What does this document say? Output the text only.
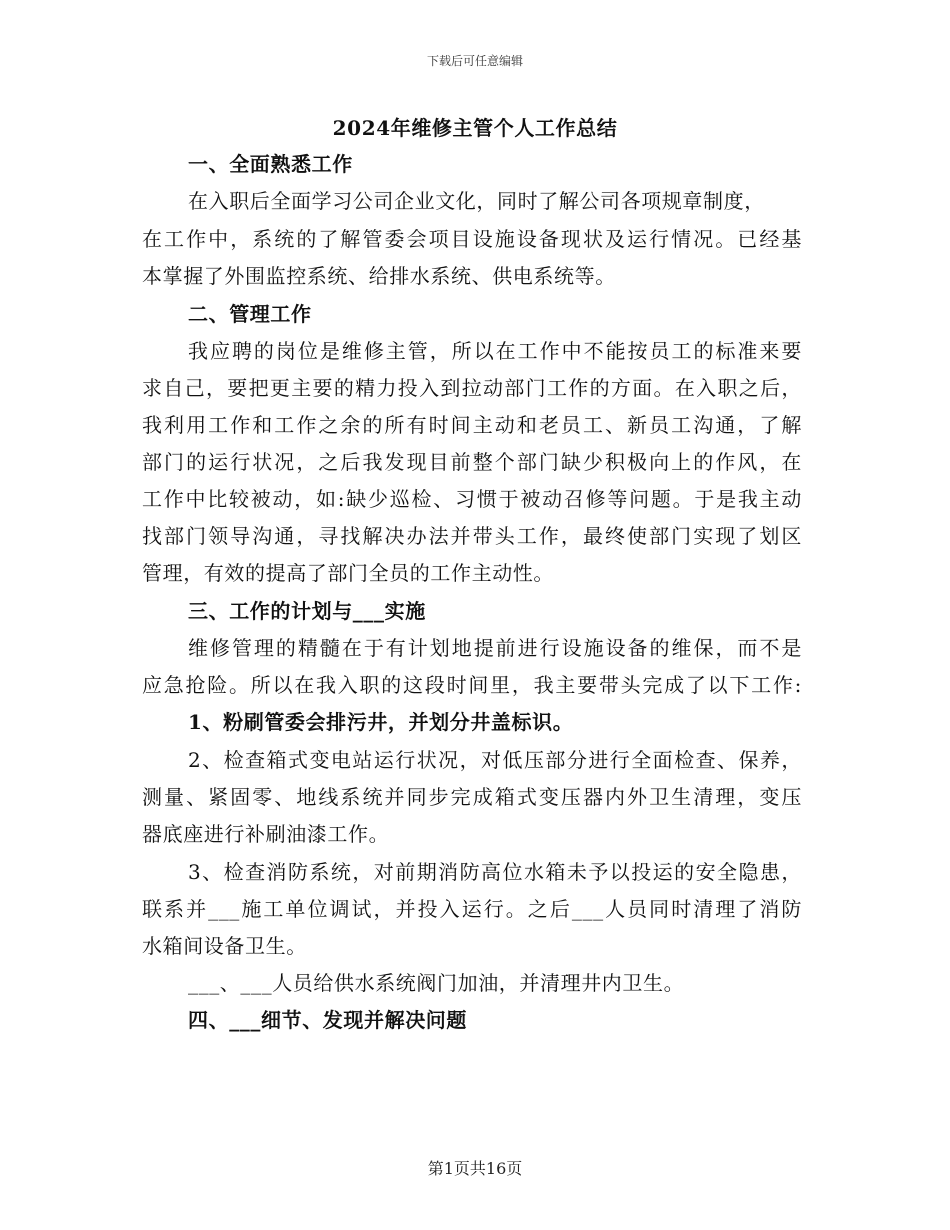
下载后可任意编辑
2024年维修主管个人工作总结
一、全面熟悉工作
在入职后全面学习公司企业文化，同时了解公司各项规章制度，
在工作中，系统的了解管委会项目设施设备现状及运行情况。已经基
本掌握了外围监控系统、给排水系统、供电系统等。
二、管理工作
我应聘的岗位是维修主管，所以在工作中不能按员工的标准来要
求自己，要把更主要的精力投入到拉动部门工作的方面。在入职之后，
我利用工作和工作之余的所有时间主动和老员工、新员工沟通，了解
部门的运行状况，之后我发现目前整个部门缺少积极向上的作风，在
工作中比较被动，如:缺少巡检、习惯于被动召修等问题。于是我主动
找部门领导沟通，寻找解决办法并带头工作，最终使部门实现了划区
管理，有效的提高了部门全员的工作主动性。
三、工作的计划与___实施
维修管理的精髓在于有计划地提前进行设施设备的维保，而不是
应急抢险。所以在我入职的这段时间里，我主要带头完成了以下工作:
1、粉刷管委会排污井，并划分井盖标识。
2、检查箱式变电站运行状况，对低压部分进行全面检查、保养，
测量、紧固零、地线系统并同步完成箱式变压器内外卫生清理，变压
器底座进行补刷油漆工作。
3、检查消防系统，对前期消防高位水箱未予以投运的安全隐患，
联系并___施工单位调试，并投入运行。之后___人员同时清理了消防
水箱间设备卫生。
___、___人员给供水系统阀门加油，并清理井内卫生。
四、___细节、发现并解决问题
第1页共16页
